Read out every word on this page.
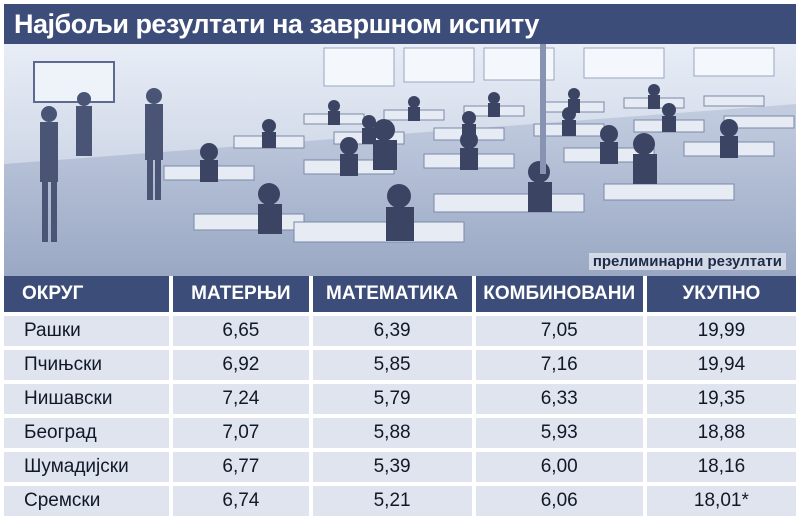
Најбољи резултати на завршном испиту
прелиминарни резултати
ОКРУГ	МАТЕРЊИ	МАТЕМАТИКА	КОМБИНОВАНИ	УКУПНО
Рашки	6,65	6,39	7,05	19,99
Пчињски	6,92	5,85	7,16	19,94
Нишавски	7,24	5,79	6,33	19,35
Београд	7,07	5,88	5,93	18,88
Шумадијски	6,77	5,39	6,00	18,16
Сремски	6,74	5,21	6,06	18,01*
